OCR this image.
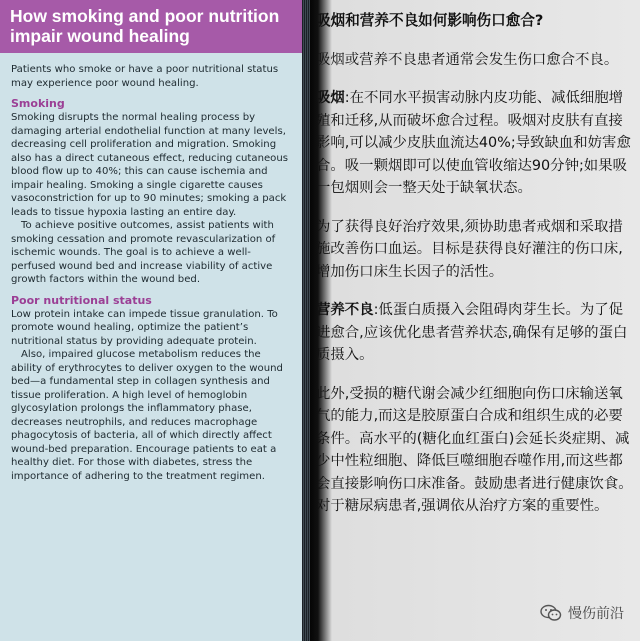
How smoking and poor nutrition
impair wound healing

Patients who smoke or have a poor nutritional status may experience poor wound healing.

Smoking

Smoking disrupts the normal healing process by damaging arterial endothelial function at many levels, decreasing cell proliferation and migration. Smoking also has a direct cutaneous effect, reducing cutaneous blood flow up to 40%; this can cause ischemia and impair healing. Smoking a single cigarette causes vasoconstriction for up to 90 minutes; smoking a pack leads to tissue hypoxia lasting an entire day.

To achieve positive outcomes, assist patients with smoking cessation and promote revascularization of ischemic wounds. The goal is to achieve a well-perfused wound bed and increase viability of active growth factors within the wound bed.

Poor nutritional status

Low protein intake can impede tissue granulation. To promote wound healing, optimize the patient’s nutritional status by providing adequate protein.

Also, impaired glucose metabolism reduces the ability of erythrocytes to deliver oxygen to the wound bed—a fundamental step in collagen synthesis and tissue proliferation. A high level of hemoglobin glycosylation prolongs the inflammatory phase, decreases neutrophils, and reduces macrophage phagocytosis of bacteria, all of which directly affect wound-bed preparation. Encourage patients to eat a healthy diet. For those with diabetes, stress the importance of adhering to the treatment regimen.

吸烟和营养不良如何影响伤口愈合?

吸烟或营养不良患者通常会发生伤口愈合不良。

吸烟:在不同水平损害动脉内皮功能、减低细胞增殖和迁移,从而破坏愈合过程。吸烟对皮肤有直接影响,可以减少皮肤血流达40%;导致缺血和妨害愈合。吸一颗烟即可以使血管收缩达90分钟;如果吸一包烟则会一整天处于缺氧状态。

为了获得良好治疗效果,须协助患者戒烟和采取措施改善伤口血运。目标是获得良好灌注的伤口床,增加伤口床生长因子的活性。

营养不良:低蛋白质摄入会阻碍肉芽生长。为了促进愈合,应该优化患者营养状态,确保有足够的蛋白质摄入。

此外,受损的糖代谢会减少红细胞向伤口床输送氧气的能力,而这是胶原蛋白合成和组织生成的必要条件。高水平的(糖化血红蛋白)会延长炎症期、减少中性粒细胞、降低巨噬细胞吞噬作用,而这些都会直接影响伤口床准备。鼓励患者进行健康饮食。对于糖尿病患者,强调依从治疗方案的重要性。

慢伤前沿
